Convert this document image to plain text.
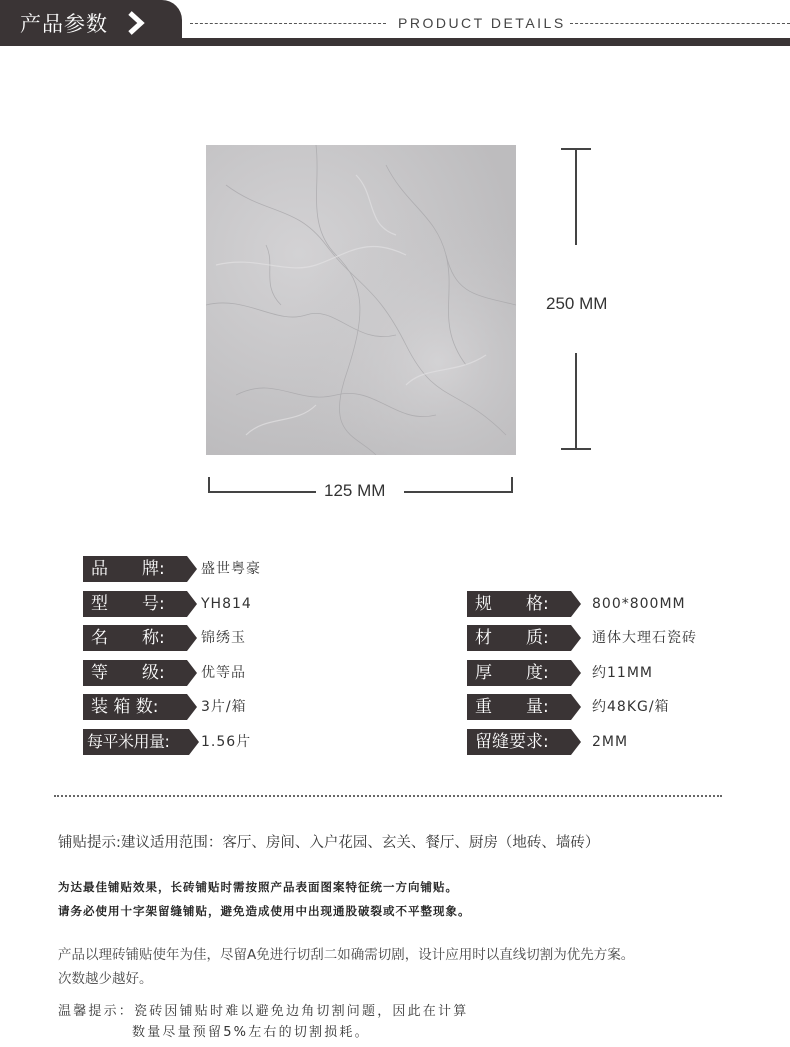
产品参数	PRODUCT DETAILS
250 MM
125 MM
品　　牌:	盛世粤豪
型　　号:	YH814
名　　称:	锦绣玉
等　　级:	优等品
装 箱 数:	3片/箱
每平米用量:	1.56片
规　　格:	800*800MM
材　　质:	通体大理石瓷砖
厚　　度:	约11MM
重　　量:	约48KG/箱
留缝要求:	2MM
铺贴提示:建议适用范围：客厅、房间、入户花园、玄关、餐厅、厨房（地砖、墙砖）
为达最佳铺贴效果，长砖铺贴时需按照产品表面图案特征统一方向铺贴。
请务必使用十字架留缝铺贴，避免造成使用中出现通股破裂或不平整现象。
产品以理砖铺贴使年为佳，尽留A免进行切刮二如确需切剧，设计应用时以直线切割为优先方案。
次数越少越好。
温馨提示：瓷砖因铺贴时难以避免边角切割问题，因此在计算
数量尽量预留5%左右的切割损耗。
